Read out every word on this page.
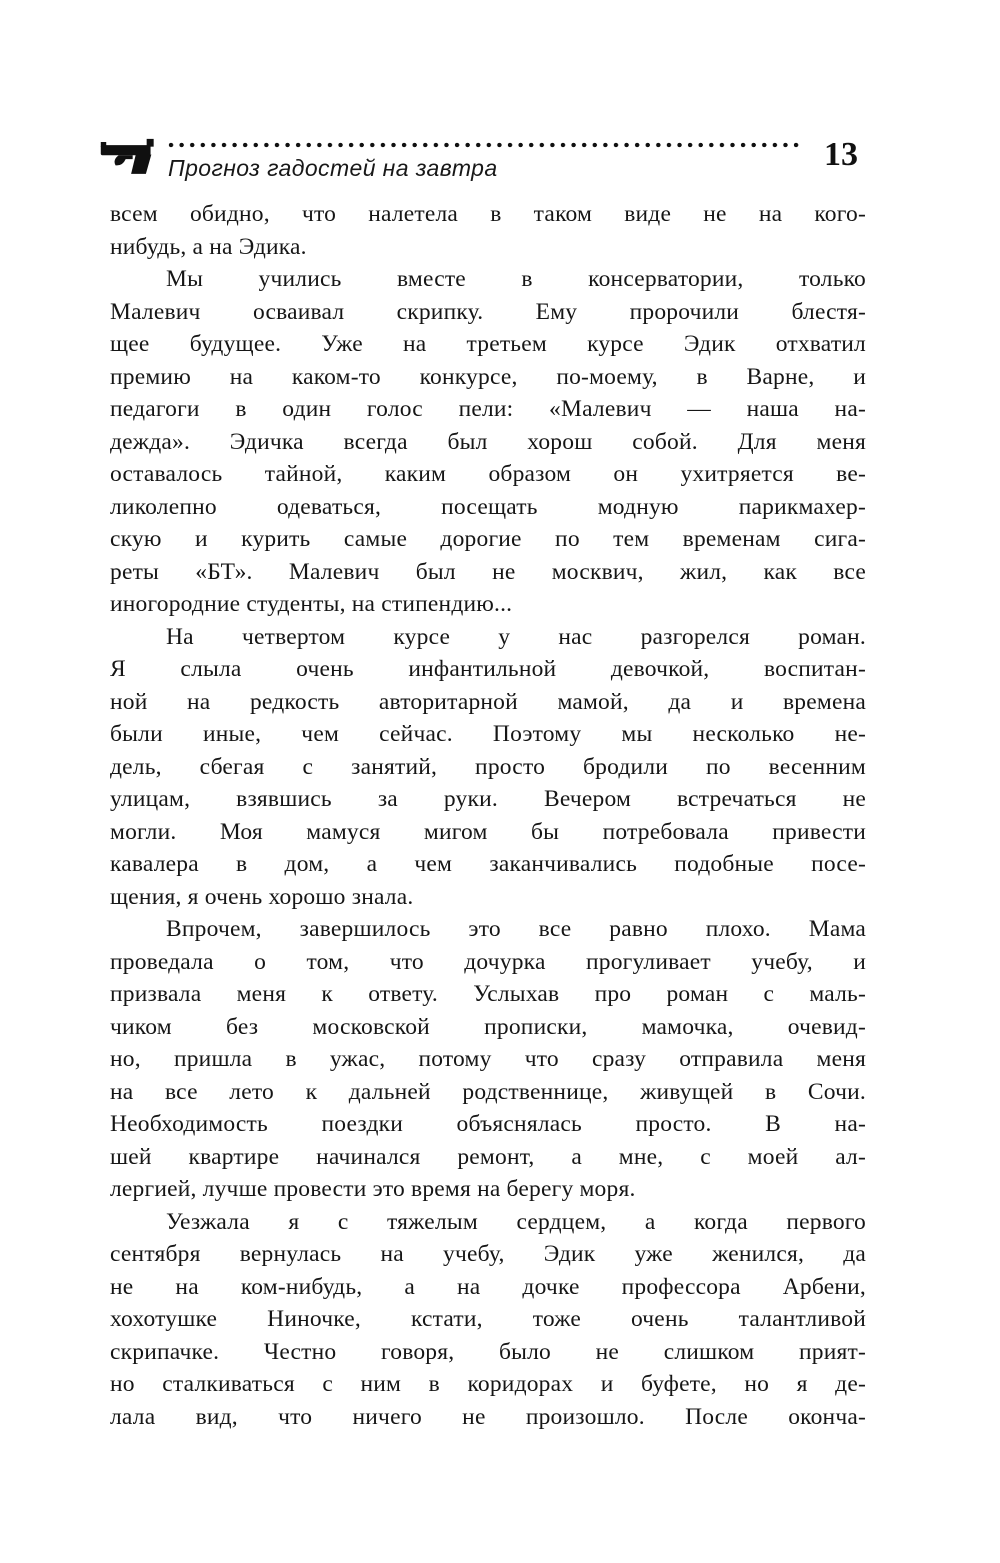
Прогноз гадостей на завтра	13
всем обидно, что налетела в таком виде не на кого-
нибудь, а на Эдика.
Мы учились вместе в консерватории, только
Малевич осваивал скрипку. Ему пророчили блестя-
щее будущее. Уже на третьем курсе Эдик отхватил
премию на каком-то конкурсе, по-моему, в Варне, и
педагоги в один голос пели: «Малевич — наша на-
дежда». Эдичка всегда был хорош собой. Для меня
оставалось тайной, каким образом он ухитряется ве-
ликолепно одеваться, посещать модную парикмахер-
скую и курить самые дорогие по тем временам сига-
реты «БТ». Малевич был не москвич, жил, как все
иногородние студенты, на стипендию...
На четвертом курсе у нас разгорелся роман.
Я слыла очень инфантильной девочкой, воспитан-
ной на редкость авторитарной мамой, да и времена
были иные, чем сейчас. Поэтому мы несколько не-
дель, сбегая с занятий, просто бродили по весенним
улицам, взявшись за руки. Вечером встречаться не
могли. Моя мамуся мигом бы потребовала привести
кавалера в дом, а чем заканчивались подобные посе-
щения, я очень хорошо знала.
Впрочем, завершилось это все равно плохо. Мама
проведала о том, что дочурка прогуливает учебу, и
призвала меня к ответу. Услыхав про роман с маль-
чиком без московской прописки, мамочка, очевид-
но, пришла в ужас, потому что сразу отправила меня
на все лето к дальней родственнице, живущей в Сочи.
Необходимость поездки объяснялась просто. В на-
шей квартире начинался ремонт, а мне, с моей ал-
лергией, лучше провести это время на берегу моря.
Уезжала я с тяжелым сердцем, а когда первого
сентября вернулась на учебу, Эдик уже женился, да
не на ком-нибудь, а на дочке профессора Арбени,
хохотушке Ниночке, кстати, тоже очень талантливой
скрипачке. Честно говоря, было не слишком прият-
но сталкиваться с ним в коридорах и буфете, но я де-
лала вид, что ничего не произошло. После оконча-
